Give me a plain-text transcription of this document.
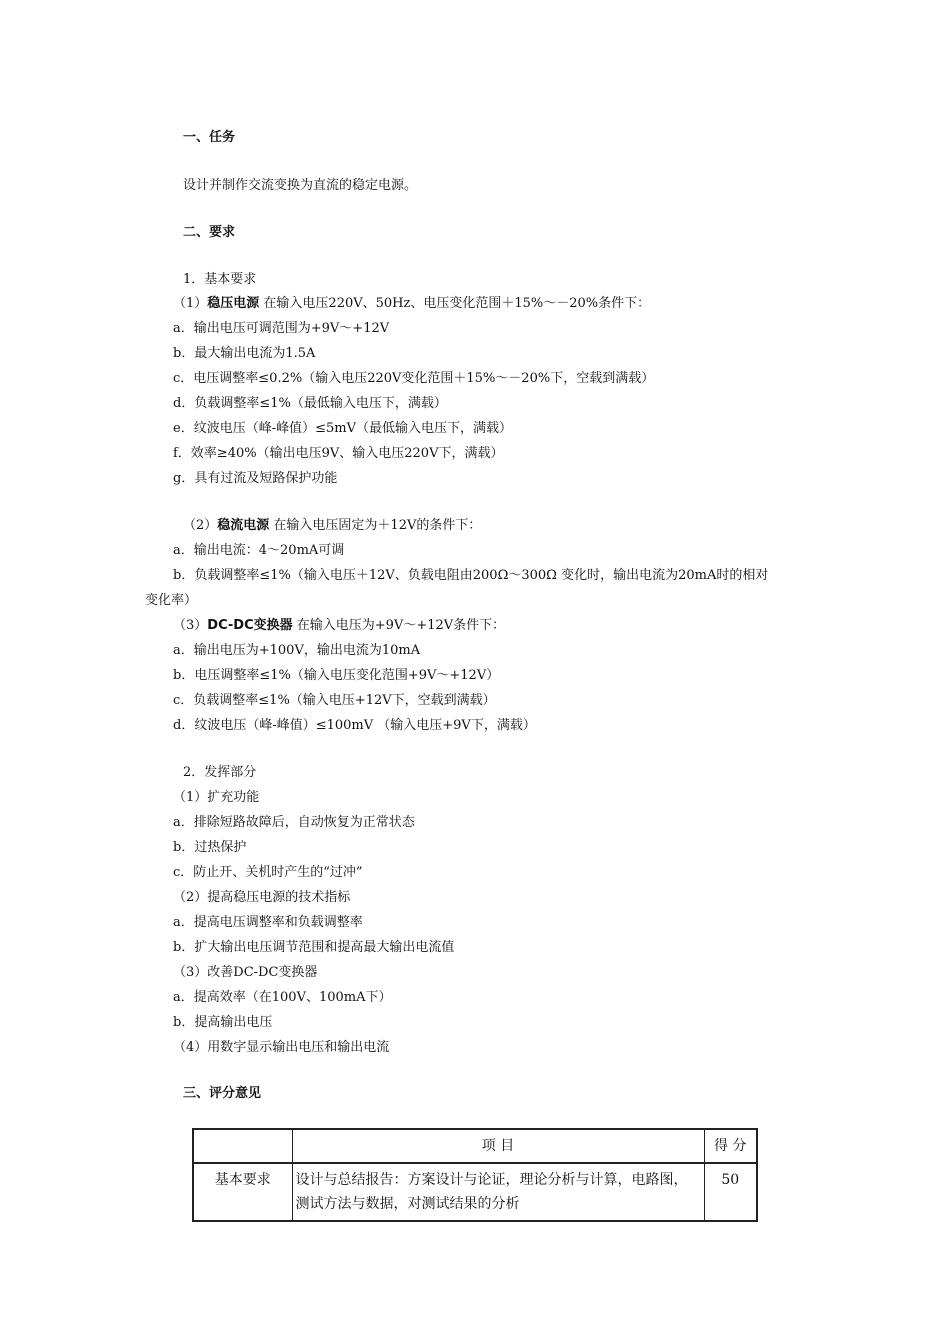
一、任务
设计并制作交流变换为直流的稳定电源。
二、要求
1．基本要求
（1）稳压电源 在输入电压220V、50Hz、电压变化范围＋15%～－20%条件下：
a．输出电压可调范围为+9V～+12V
b．最大输出电流为1.5A
c．电压调整率≤0.2%（输入电压220V变化范围＋15%～－20%下，空载到满载）
d．负载调整率≤1%（最低输入电压下，满载）
e．纹波电压（峰-峰值）≤5mV（最低输入电压下，满载）
f．效率≥40%（输出电压9V、输入电压220V下，满载）
g．具有过流及短路保护功能
（2）稳流电源 在输入电压固定为＋12V的条件下：
a．输出电流：4～20mA可调
b．负载调整率≤1%（输入电压＋12V、负载电阻由200Ω～300Ω 变化时，输出电流为20mA时的相对
变化率）
（3）DC-DC变换器 在输入电压为+9V～+12V条件下：
a．输出电压为+100V，输出电流为10mA
b．电压调整率≤1%（输入电压变化范围+9V～+12V）
c．负载调整率≤1%（输入电压+12V下，空载到满载）
d．纹波电压（峰-峰值）≤100mV （输入电压+9V下，满载）
2．发挥部分
（1）扩充功能
a．排除短路故障后，自动恢复为正常状态
b．过热保护
c．防止开、关机时产生的“过冲”
（2）提高稳压电源的技术指标
a．提高电压调整率和负载调整率
b．扩大输出电压调节范围和提高最大输出电流值
（3）改善DC-DC变换器
a．提高效率（在100V、100mA下）
b．提高输出电压
（4）用数字显示输出电压和输出电流
三、评分意见
	项 目	得 分
基本要求	设计与总结报告：方案设计与论证，理论分析与计算，电路图，测试方法与数据，对测试结果的分析	50
